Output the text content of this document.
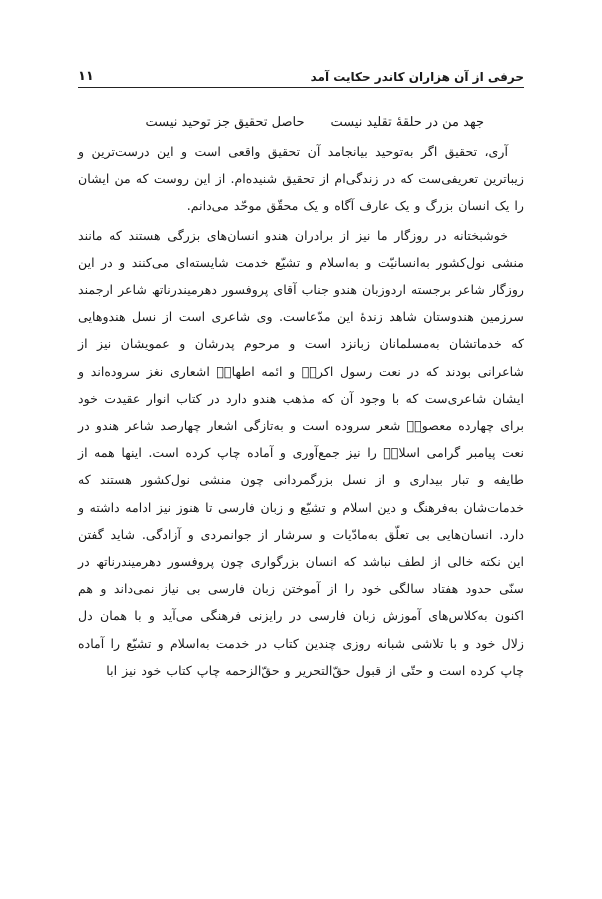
حرفی از آن هزاران کاندر حکایت آمد
۱۱
جهد من در حلقهٔ تقلید نیست
حاصل تحقیق جز توحید نیست

آری، تحقیق اگر به‌توحید بیانجامد آن تحقیق واقعی است و این درست‌ترین و زیباترین تعریفی‌ست که در زندگی‌ام از تحقیق شنیده‌ام. از این روست که من ایشان را یک انسان بزرگ و یک عارف آگاه و یک محقّق موحّد می‌دانم.

خوشبختانه در روزگار ما نیز از برادران هندو انسان‌های بزرگی هستند که مانند منشی نول‌کشور به‌انسانیّت و به‌اسلام و تشیّع خدمت شایسته‌ای می‌کنند و در این روزگار شاعر برجسته اردوزبان هندو جناب آقای پروفسور دهرمیندرناتھ شاعر ارجمند سرزمین هندوستان شاهد زندهٔ این مدّعاست. وی شاعری است از نسل هندوهایی که خدماتشان به‌مسلمانان زبانزد است و مرحوم پدرشان و عمویشان نیز از شاعرانی بودند که در نعت رسول اکرمؐ و ائمه اطهارؒ اشعاری نغز سروده‌اند و ایشان شاعری‌ست که با وجود آن که مذهب هندو دارد در کتاب انوار عقیدت خود برای چهارده معصومؒ شعر سروده است و به‌تازگی اشعار چهارصد شاعر هندو در نعت پیامبر گرامی اسلامؐ را نیز جمع‌آوری و آماده چاپ کرده است. اینها همه از طایفه و تبار بیداری و از نسل بزرگمردانی چون منشی نول‌کشور هستند که خدمات‌شان به‌فرهنگ و دین اسلام و تشیّع و زبان فارسی تا هنوز نیز ادامه داشته و دارد. انسان‌هایی بی تعلّق به‌مادّیات و سرشار از جوانمردی و آزادگی. شاید گفتن این نکته خالی از لطف نباشد که انسان بزرگواری چون پروفسور دهرمیندرناتھ در سنّی حدود هفتاد سالگی خود را از آموختن زبان فارسی بی نیاز نمی‌داند و هم اکنون به‌کلاس‌های آموزش زبان فارسی در رایزنی فرهنگی می‌آید و با همان دل زلال خود و با تلاشی شبانه روزی چندین کتاب در خدمت به‌اسلام و تشیّع را آماده چاپ کرده است و حتّی از قبول حقّ‌التحریر و حقّ‌الزحمه چاپ کتاب خود نیز ابا
